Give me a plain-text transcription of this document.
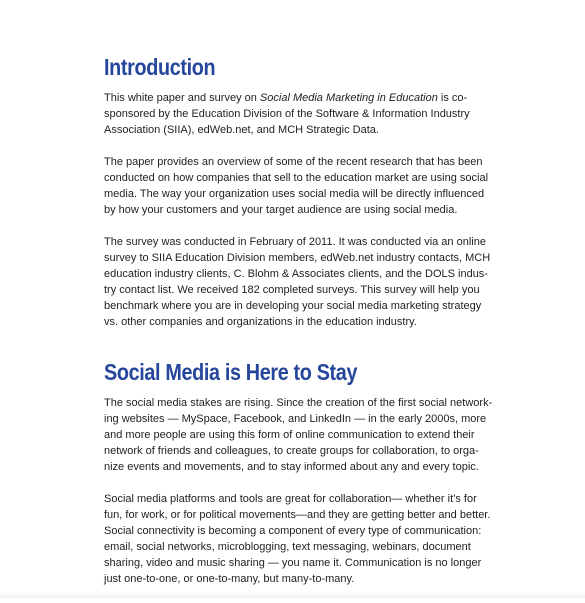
Introduction

This white paper and survey on Social Media Marketing in Education is co-
sponsored by the Education Division of the Software & Information Industry
Association (SIIA), edWeb.net, and MCH Strategic Data.

The paper provides an overview of some of the recent research that has been
conducted on how companies that sell to the education market are using social
media. The way your organization uses social media will be directly influenced
by how your customers and your target audience are using social media.

The survey was conducted in February of 2011. It was conducted via an online
survey to SIIA Education Division members, edWeb.net industry contacts, MCH
education industry clients, C. Blohm & Associates clients, and the DOLS indus-
try contact list. We received 182 completed surveys. This survey will help you
benchmark where you are in developing your social media marketing strategy
vs. other companies and organizations in the education industry.

Social Media is Here to Stay

The social media stakes are rising. Since the creation of the first social network-
ing websites — MySpace, Facebook, and LinkedIn — in the early 2000s, more
and more people are using this form of online communication to extend their
network of friends and colleagues, to create groups for collaboration, to orga-
nize events and movements, and to stay informed about any and every topic.

Social media platforms and tools are great for collaboration— whether it’s for
fun, for work, or for political movements—and they are getting better and better.
Social connectivity is becoming a component of every type of communication:
email, social networks, microblogging, text messaging, webinars, document
sharing, video and music sharing — you name it. Communication is no longer
just one-to-one, or one-to-many, but many-to-many.
